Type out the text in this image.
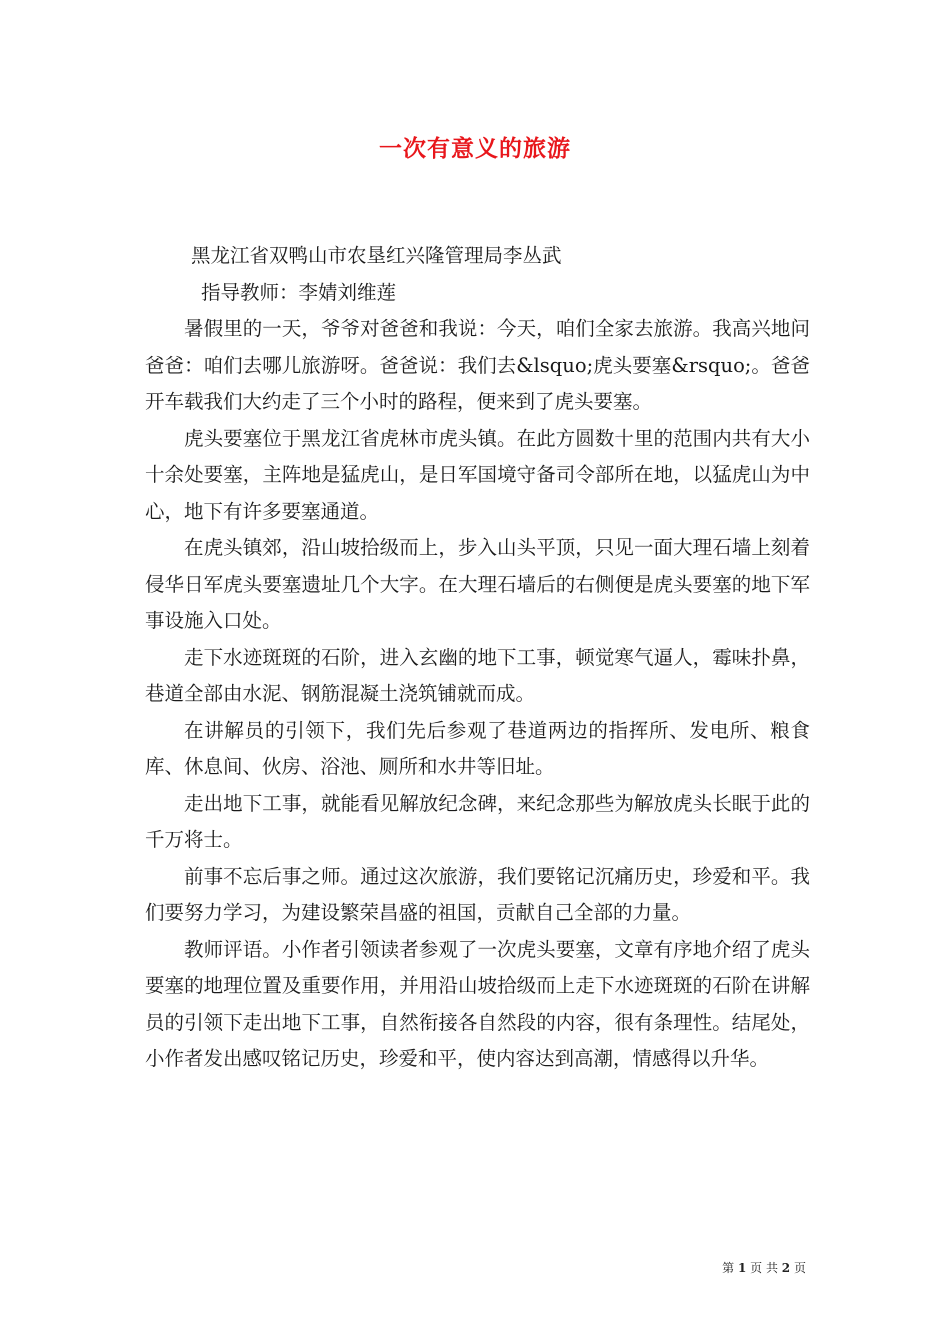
一次有意义的旅游

黑龙江省双鸭山市农垦红兴隆管理局李丛武

指导教师：李婧刘维莲

暑假里的一天，爷爷对爸爸和我说：今天，咱们全家去旅游。我高兴地问爸爸：咱们去哪儿旅游呀。爸爸说：我们去&lsquo;虎头要塞&rsquo;。爸爸开车载我们大约走了三个小时的路程，便来到了虎头要塞。

虎头要塞位于黑龙江省虎林市虎头镇。在此方圆数十里的范围内共有大小十余处要塞，主阵地是猛虎山，是日军国境守备司令部所在地，以猛虎山为中心，地下有许多要塞通道。

在虎头镇郊，沿山坡拾级而上，步入山头平顶，只见一面大理石墙上刻着侵华日军虎头要塞遗址几个大字。在大理石墙后的右侧便是虎头要塞的地下军事设施入口处。

走下水迹斑斑的石阶，进入玄幽的地下工事，顿觉寒气逼人，霉味扑鼻，巷道全部由水泥、钢筋混凝土浇筑铺就而成。

在讲解员的引领下，我们先后参观了巷道两边的指挥所、发电所、粮食库、休息间、伙房、浴池、厕所和水井等旧址。

走出地下工事，就能看见解放纪念碑，来纪念那些为解放虎头长眠于此的千万将士。

前事不忘后事之师。通过这次旅游，我们要铭记沉痛历史，珍爱和平。我们要努力学习，为建设繁荣昌盛的祖国，贡献自己全部的力量。

教师评语。小作者引领读者参观了一次虎头要塞，文章有序地介绍了虎头要塞的地理位置及重要作用，并用沿山坡拾级而上走下水迹斑斑的石阶在讲解员的引领下走出地下工事，自然衔接各自然段的内容，很有条理性。结尾处，小作者发出感叹铭记历史，珍爱和平，使内容达到高潮，情感得以升华。

第 1 页 共 2 页
